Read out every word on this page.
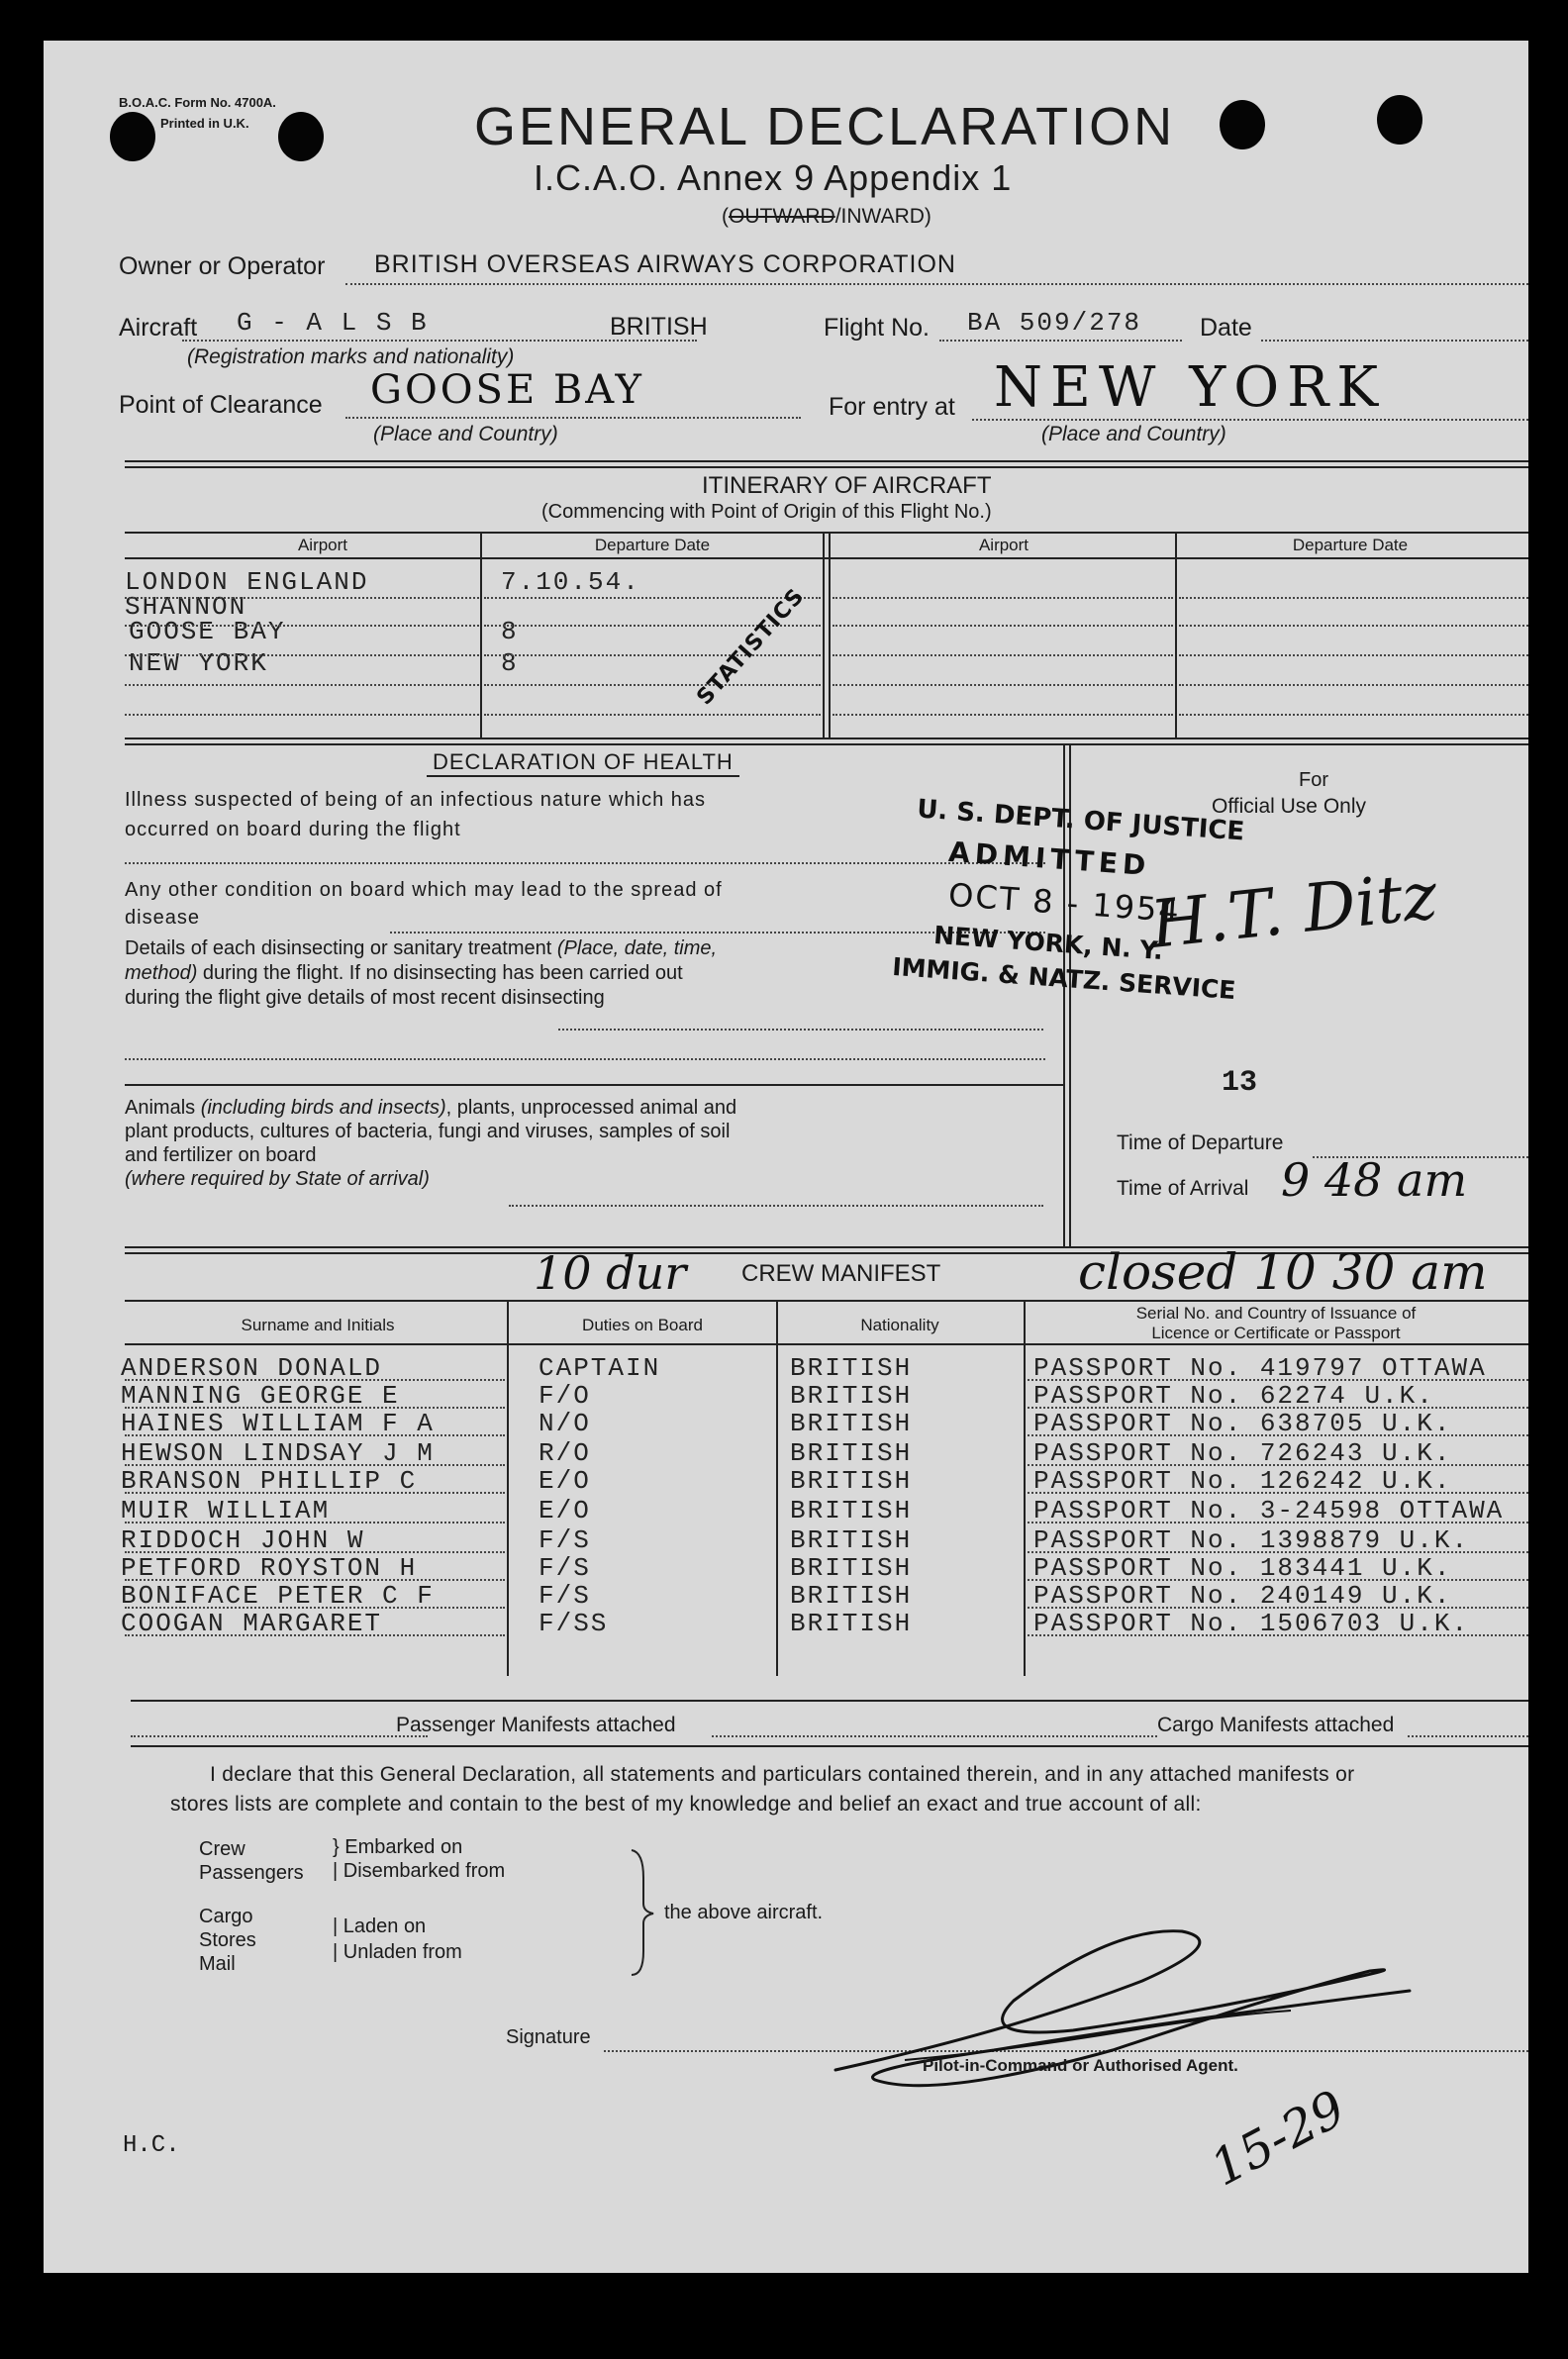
B.O.A.C. Form No. 4700A.
Printed in U.K.	GENERAL DECLARATION
I.C.A.O. Annex 9 Appendix 1
(OUTWARD/INWARD)
Owner or Operator BRITISH OVERSEAS AIRWAYS CORPORATION
Aircraft G - A L S B	BRITISH
(Registration marks and nationality)
Flight No. BA 509/278 Date
Point of Clearance GOOSE BAY
(Place and Country)
For entry at NEW YORK
(Place and Country)
ITINERARY OF AIRCRAFT
(Commencing with Point of Origin of this Flight No.)
Airport	Departure Date	Airport	Departure Date
LONDON ENGLAND	7.10.54.
SHANNON
GOOSE BAY	8
NEW YORK	8	STATISTICS
DECLARATION OF HEALTH
Illness suspected of being of an infectious nature which has occurred on board during the flight
Any other condition on board which may lead to the spread of disease
Details of each disinsecting or sanitary treatment (Place, date, time, method) during the flight. If no disinsecting has been carried out during the flight give details of most recent disinsecting
Animals (including birds and insects), plants, unprocessed animal and plant products, cultures of bacteria, fungi and viruses, samples of soil and fertilizer on board
(where required by State of arrival)
For
Official Use Only
U. S. DEPT. OF JUSTICE
ADMITTED
OCT 8 - 1954
NEW YORK, N. Y.
IMMIG. & NATZ. SERVICE
H.T. Ditz
13
Time of Departure
Time of Arrival 9 48 am
10 dur CREW MANIFEST	closed 10 30 am
Surname and Initials	Duties on Board	Nationality
Serial No. and Country of Issuance of
Licence or Certificate or Passport
ANDERSON DONALD	CAPTAIN	BRITISH	PASSPORT No. 419797 OTTAWA
MANNING GEORGE E	F/O	BRITISH	PASSPORT No. 62274 U.K.
HAINES WILLIAM F A	N/O	BRITISH	PASSPORT No. 638705 U.K.
HEWSON LINDSAY J M	R/O	BRITISH	PASSPORT No. 726243 U.K.
BRANSON PHILLIP C	E/O	BRITISH	PASSPORT No. 126242 U.K.
MUIR WILLIAM	E/O	BRITISH	PASSPORT No. 3-24598 OTTAWA
RIDDOCH JOHN W	F/S	BRITISH	PASSPORT No. 1398879 U.K.
PETFORD ROYSTON H	F/S	BRITISH	PASSPORT No. 183441 U.K.
BONIFACE PETER C F	F/S	BRITISH	PASSPORT No. 240149 U.K.
COOGAN MARGARET	F/SS	BRITISH	PASSPORT No. 1506703 U.K.
Passenger Manifests attached	Cargo Manifests attached
I declare that this General Declaration, all statements and particulars contained therein, and in any attached manifests or
stores lists are complete and contain to the best of my knowledge and belief an exact and true account of all:
Crew
Passengers
} Embarked on
| Disembarked from
Cargo
Stores
Mail
| Laden on
| Unladen from
the above aircraft.
Signature
Pilot-in-Command or Authorised Agent.
H.C.	15-29
